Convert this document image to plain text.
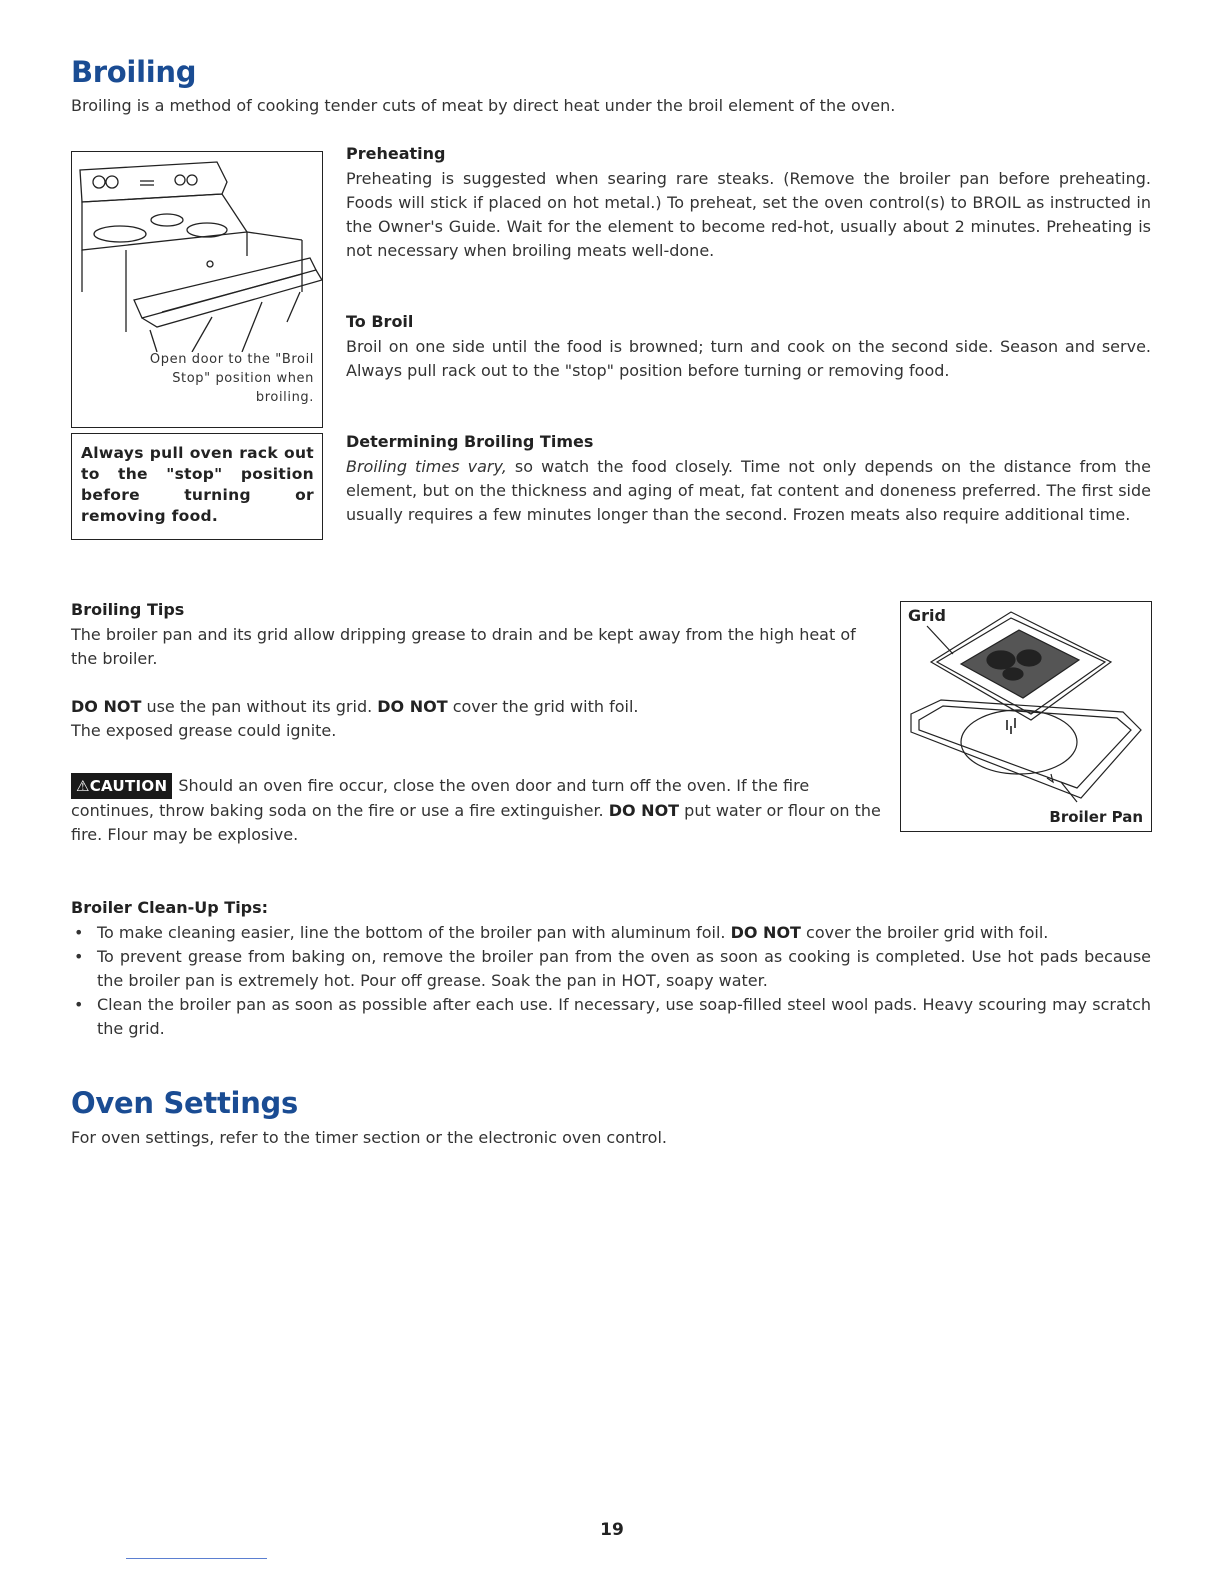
Broiling
Broiling is a method of cooking tender cuts of meat by direct heat under the broil element of the oven.
Open door to the "Broil Stop" position when broiling.
Always pull oven rack out to the "stop" position before turning or removing food.
Preheating
Preheating is suggested when searing rare steaks. (Remove the broiler pan before preheating. Foods will stick if placed on hot metal.) To preheat, set the oven control(s) to BROIL as instructed in the Owner's Guide. Wait for the element to become red-hot, usually about 2 minutes. Preheating is not necessary when broiling meats well-done.
To Broil
Broil on one side until the food is browned; turn and cook on the second side. Season and serve. Always pull rack out to the "stop" position before turning or removing food.
Determining Broiling Times
Broiling times vary, so watch the food closely. Time not only depends on the distance from the element, but on the thickness and aging of meat, fat content and doneness preferred. The first side usually requires a few minutes longer than the second. Frozen meats also require additional time.
Broiling Tips
The broiler pan and its grid allow dripping grease to drain and be kept away from the high heat of the broiler.
DO NOT use the pan without its grid. DO NOT cover the grid with foil.
The exposed grease could ignite.
⚠CAUTION Should an oven fire occur, close the oven door and turn off the oven. If the fire continues, throw baking soda on the fire or use a fire extinguisher. DO NOT put water or flour on the fire. Flour may be explosive.
Grid
Broiler Pan
Broiler Clean-Up Tips:
• To make cleaning easier, line the bottom of the broiler pan with aluminum foil. DO NOT cover the broiler grid with foil.
• To prevent grease from baking on, remove the broiler pan from the oven as soon as cooking is completed. Use hot pads because the broiler pan is extremely hot. Pour off grease. Soak the pan in HOT, soapy water.
• Clean the broiler pan as soon as possible after each use. If necessary, use soap-filled steel wool pads. Heavy scouring may scratch the grid.
Oven Settings
For oven settings, refer to the timer section or the electronic oven control.
19
